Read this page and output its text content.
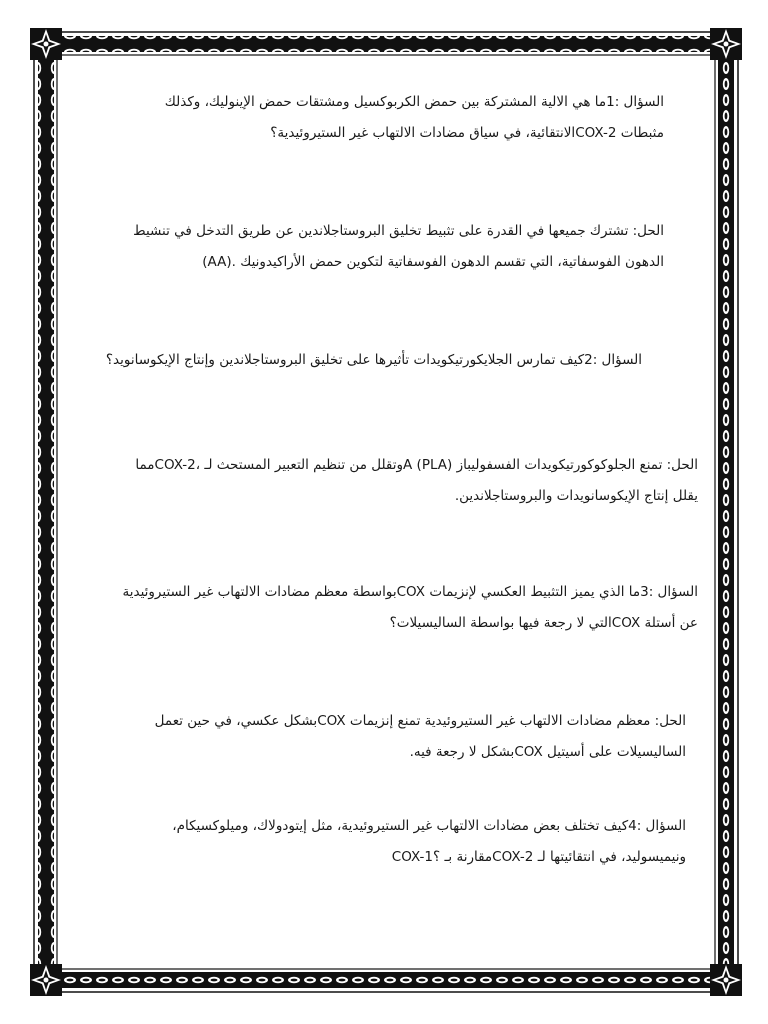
السؤال :1ما هي الالية المشتركة بين حمض الكربوكسيل ومشتقات حمض الإينوليك، وكذلك
مثبطات COX-2الانتقائية، في سياق مضادات الالتهاب غير الستيروئيدية؟

الحل: تشترك جميعها في القدرة على تثبيط تخليق البروستاجلاندين عن طريق التدخل في تنشيط
الدهون الفوسفاتية، التي تقسم الدهون الفوسفاتية لتكوين حمض الأراكيدونيك .(AA)

السؤال :2كيف تمارس الجلايكورتيكويدات تأثيرها على تخليق البروستاجلاندين وإنتاج الإيكوسانويد؟

الحل: تمنع الجلوكوكورتيكويدات الفسفوليباز A (PLA)وتقلل من تنظيم التعبير المستحث لـ ،COX-2مما
يقلل إنتاج الإيكوسانويدات والبروستاجلاندين.

السؤال :3ما الذي يميز التثبيط العكسي لإنزيمات COXبواسطة معظم مضادات الالتهاب غير الستيروئيدية
عن أستلة COXالتي لا رجعة فيها بواسطة الساليسيلات؟

الحل: معظم مضادات الالتهاب غير الستيروئيدية تمنع إنزيمات COXبشكل عكسي، في حين تعمل
الساليسيلات على أسيتيل COXبشكل لا رجعة فيه.

السؤال :4كيف تختلف بعض مضادات الالتهاب غير الستيروئيدية، مثل إيتودولاك، وميلوكسيكام،
ونيميسوليد، في انتقائيتها لـ COX-2مقارنة بـ ؟COX-1
